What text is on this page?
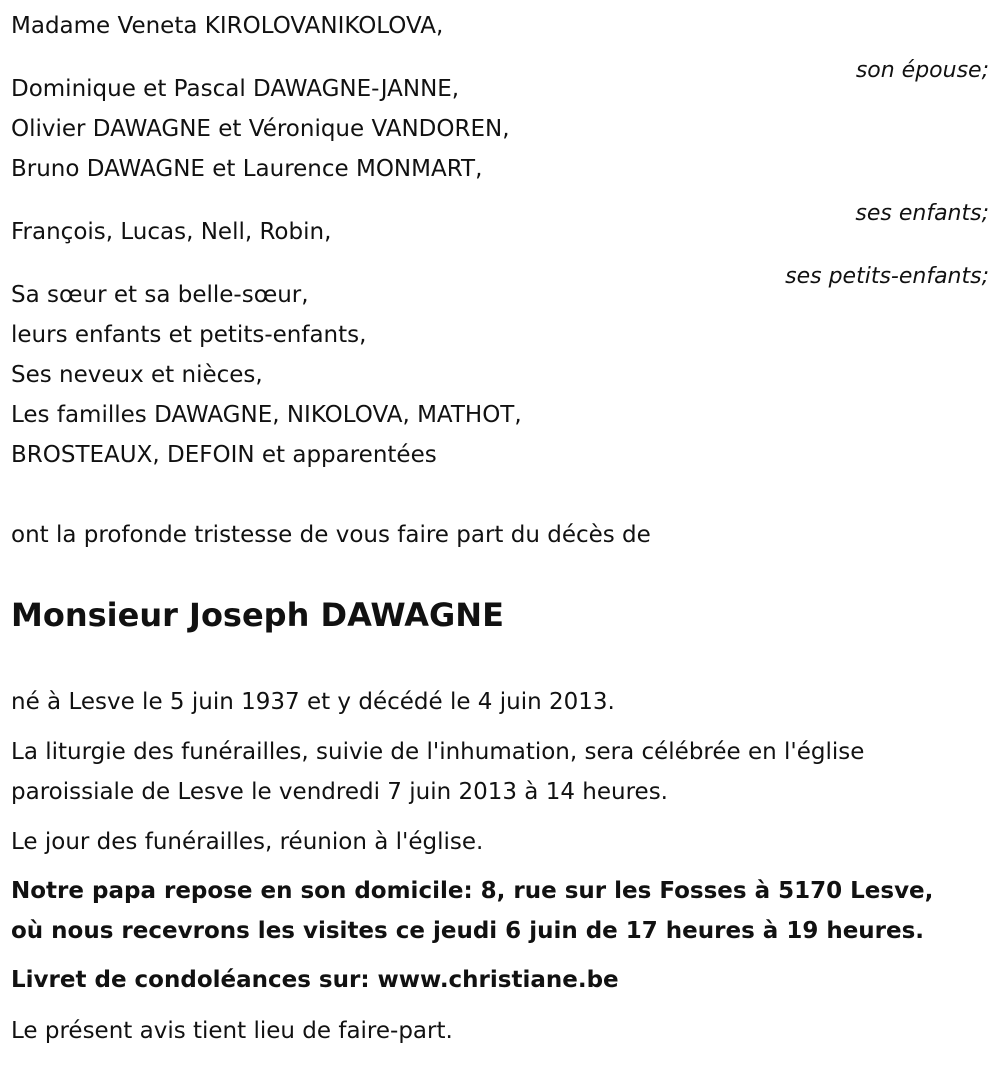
Madame Veneta KIROLOVANIKOLOVA,

son épouse;

Dominique et Pascal DAWAGNE-JANNE,

Olivier DAWAGNE et Véronique VANDOREN,

Bruno DAWAGNE et Laurence MONMART,

ses enfants;

François, Lucas, Nell, Robin,

ses petits-enfants;

Sa sœur et sa belle-sœur,

leurs enfants et petits-enfants,

Ses neveux et nièces,

Les familles DAWAGNE, NIKOLOVA, MATHOT,

BROSTEAUX, DEFOIN et apparentées

ont la profonde tristesse de vous faire part du décès de

Monsieur Joseph DAWAGNE

né à Lesve le 5 juin 1937 et y décédé le 4 juin 2013.

La liturgie des funérailles, suivie de l'inhumation, sera célébrée en l'église

paroissiale de Lesve le vendredi 7 juin 2013 à 14 heures.

Le jour des funérailles, réunion à l'église.

Notre papa repose en son domicile: 8, rue sur les Fosses à 5170 Lesve,

où nous recevrons les visites ce jeudi 6 juin de 17 heures à 19 heures.

Livret de condoléances sur: www.christiane.be

Le présent avis tient lieu de faire-part.
